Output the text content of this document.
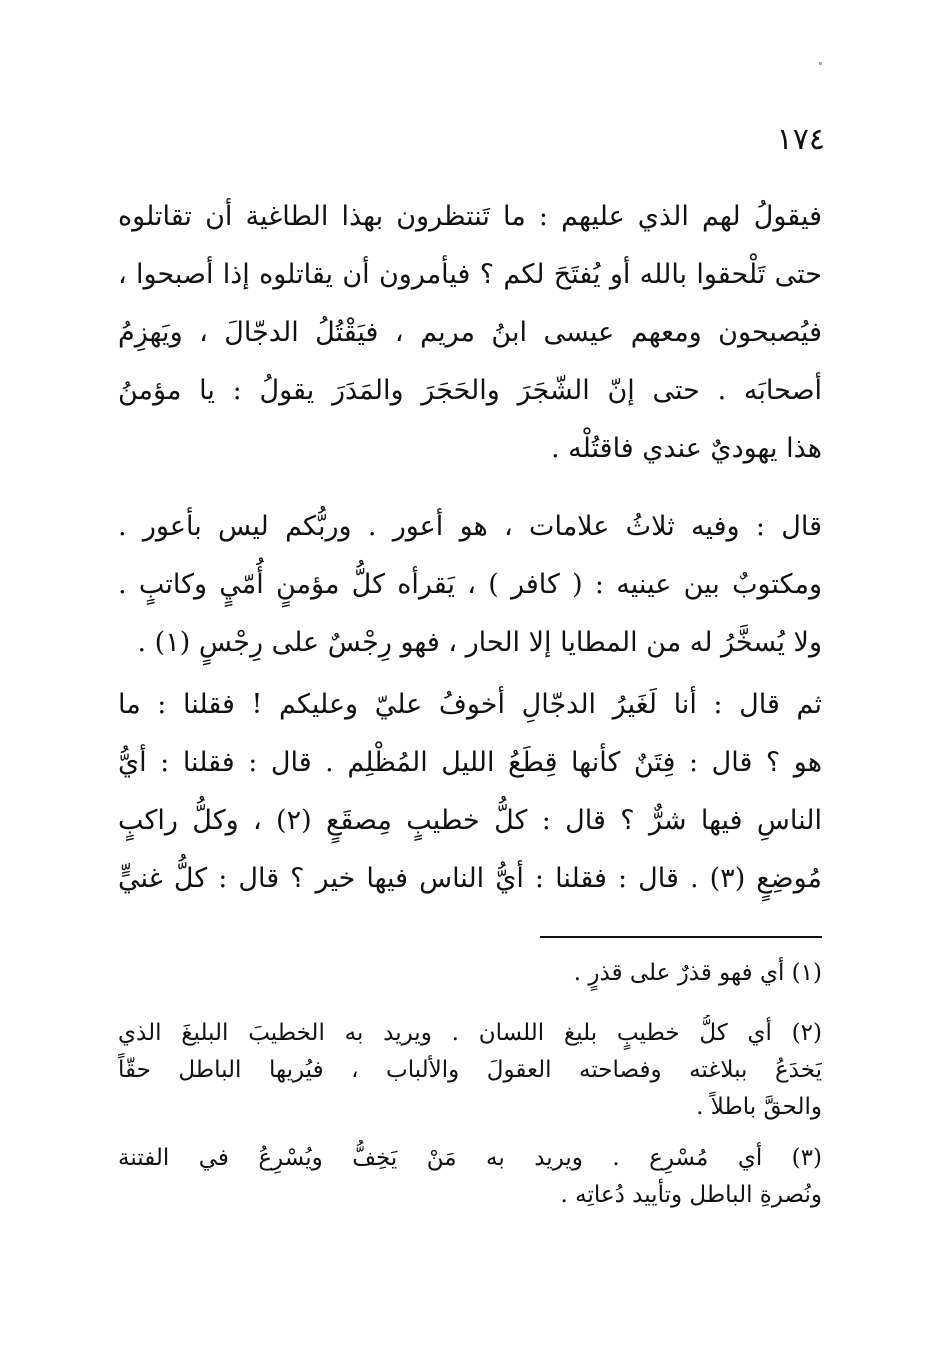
١٧٤
فيقولُ لهم الذي عليهم : ما تَنتظرون بهذا الطاغية أن تقاتلوه
حتى تَلْحقوا بالله أو يُفتَحَ لكم ؟ فيأمرون أن يقاتلوه إذا أصبحوا ،
فيُصبحون ومعهم عيسى ابنُ مريم ، فيَقْتُلُ الدجّالَ ، ويَهزِمُ
أصحابَه . حتى إنّ الشّجَرَ والحَجَرَ والمَدَرَ يقولُ : يا مؤمنُ
هذا يهوديٌ عندي فاقتُلْه .
قال : وفيه ثلاثُ علامات ، هو أعور . وربُّكم ليس بأعور .
ومكتوبٌ بين عينيه : ( كافر ) ، يَقرأه كلُّ مؤمنٍ أُمّيٍ وكاتبٍ .
ولا يُسخَّرُ له من المطايا إلا الحار ، فهو رِجْسٌ على رِجْسٍ (١) .
ثم قال : أنا لَغَيرُ الدجّالِ أخوفُ عليّ وعليكم ! فقلنا : ما
هو ؟ قال : فِتَنٌ كأنها قِطَعُ الليل المُظْلِم . قال : فقلنا : أيُّ
الناسِ فيها شرٌّ ؟ قال : كلُّ خطيبٍ مِصقَعٍ (٢) ، وكلُّ راكبٍ
مُوضِعٍ (٣) . قال : فقلنا : أيُّ الناس فيها خير ؟ قال : كلُّ غنيٍّ
(١) أي فهو قذرٌ على قذرٍ .
(٢) أي كلُّ خطيبٍ بليغ اللسان . ويريد به الخطيبَ البليغَ الذي
يَخدَعُ ببلاغته وفصاحته العقولَ والألباب ، فيُريها الباطل حقّاً
والحقَّ باطلاً .
(٣) أي مُسْرِع . ويريد به مَنْ يَخِفُّ ويُسْرِعُ في الفتنة
ونُصرةِ الباطل وتأييد دُعاتِه .
